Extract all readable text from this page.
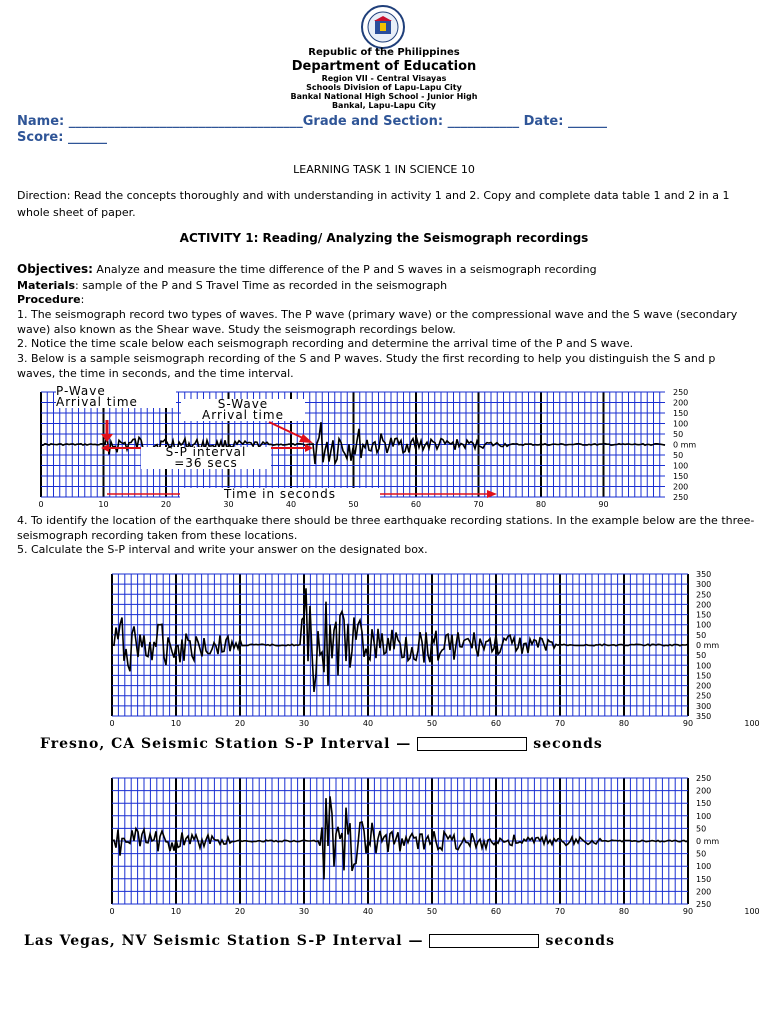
Republic of the Philippines
Department of Education
Region VII - Central Visayas
Schools Division of Lapu-Lapu City
Bankal National High School - Junior High
Bankal, Lapu-Lapu City
Name: ____________________________________Grade and Section: ___________ Date: ______
Score: ______
LEARNING TASK 1 IN SCIENCE 10
Direction: Read the concepts thoroughly and with understanding in activity 1 and 2. Copy and complete data table 1 and 2 in a 1 whole sheet of paper.
ACTIVITY 1: Reading/ Analyzing the Seismograph recordings
Objectives: Analyze and measure the time difference of the P and S waves in a seismograph recording
Materials: sample of the P and S Travel Time as recorded in the seismograph
Procedure:
1. The seismograph record two types of waves. The P wave (primary wave) or the compressional wave and the S wave (secondary wave) also known as the Shear wave. Study the seismograph recordings below.
2. Notice the time scale below each seismograph recording and determine the arrival time of the P and S wave.
3. Below is a sample seismograph recording of the S and P waves. Study the first recording to help you distinguish the S and p waves, the time in seconds, and the time interval.
250
200
150
100
50
0 mm
50
100
150
200
250
0	10	20	30	40	50	60	70	80	90
P-Wave
Arrival time	S-Wave
Arrival time
S-P interval
=36 secs
Time in seconds
4. To identify the location of the earthquake there should be three earthquake recording stations. In the example below are the three-seismograph recording taken from these locations.
5. Calculate the S-P interval and write your answer on the designated box.
350
300
250
200
150
100
50
0 mm
50
100
150
200
250
300
350
0	10	20	30	40	50	60	70	80	90	100
Fresno, CA Seismic Station S-P Interval —	seconds
250
200
150
100
50
0 mm
50
100
150
200
250
0	10	20	30	40	50	60	70	80	90	100
Las Vegas, NV Seismic Station S-P Interval —	seconds
